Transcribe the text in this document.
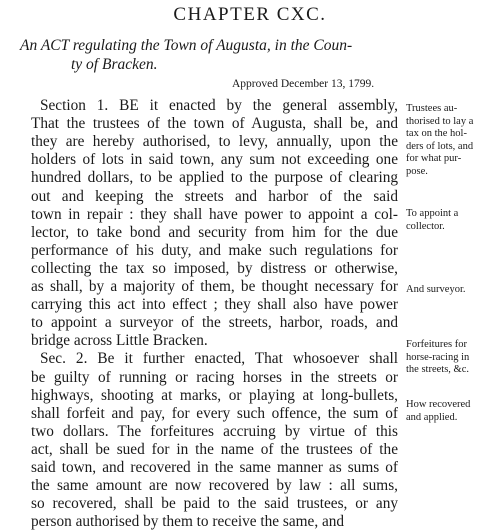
CHAPTER CXC.
An ACT regulating the Town of Augusta, in the Coun-
ty of Bracken.
Approved December 13, 1799.
Section 1. BE it enacted by the general assembly,
That the trustees of the town of Augusta, shall be, and
they are hereby authorised, to levy, annually, upon the
holders of lots in said town, any sum not exceeding one
hundred dollars, to be applied to the purpose of clearing
out and keeping the streets and harbor of the said
town in repair : they shall have power to appoint a col-
lector, to take bond and security from him for the due
performance of his duty, and make such regulations for
collecting the tax so imposed, by distress or otherwise,
as shall, by a majority of them, be thought necessary for
carrying this act into effect ; they shall also have power
to appoint a surveyor of the streets, harbor, roads, and
bridge across Little Bracken.
Sec. 2. Be it further enacted, That whosoever shall
be guilty of running or racing horses in the streets or
highways, shooting at marks, or playing at long-bullets,
shall forfeit and pay, for every such offence, the sum of
two dollars. The forfeitures accruing by virtue of this
act, shall be sued for in the name of the trustees of the
said town, and recovered in the same manner as sums of
the same amount are now recovered by law : all sums,
so recovered, shall be paid to the said trustees, or any
person authorised by them to receive the same, and
Trustees au-
thorised to lay a
tax on the hol-
ders of lots, and
for what pur-
pose.
To appoint a
collector.
And surveyor.
Forfeitures for
horse-racing in
the streets, &c.
How recovered
and applied.
